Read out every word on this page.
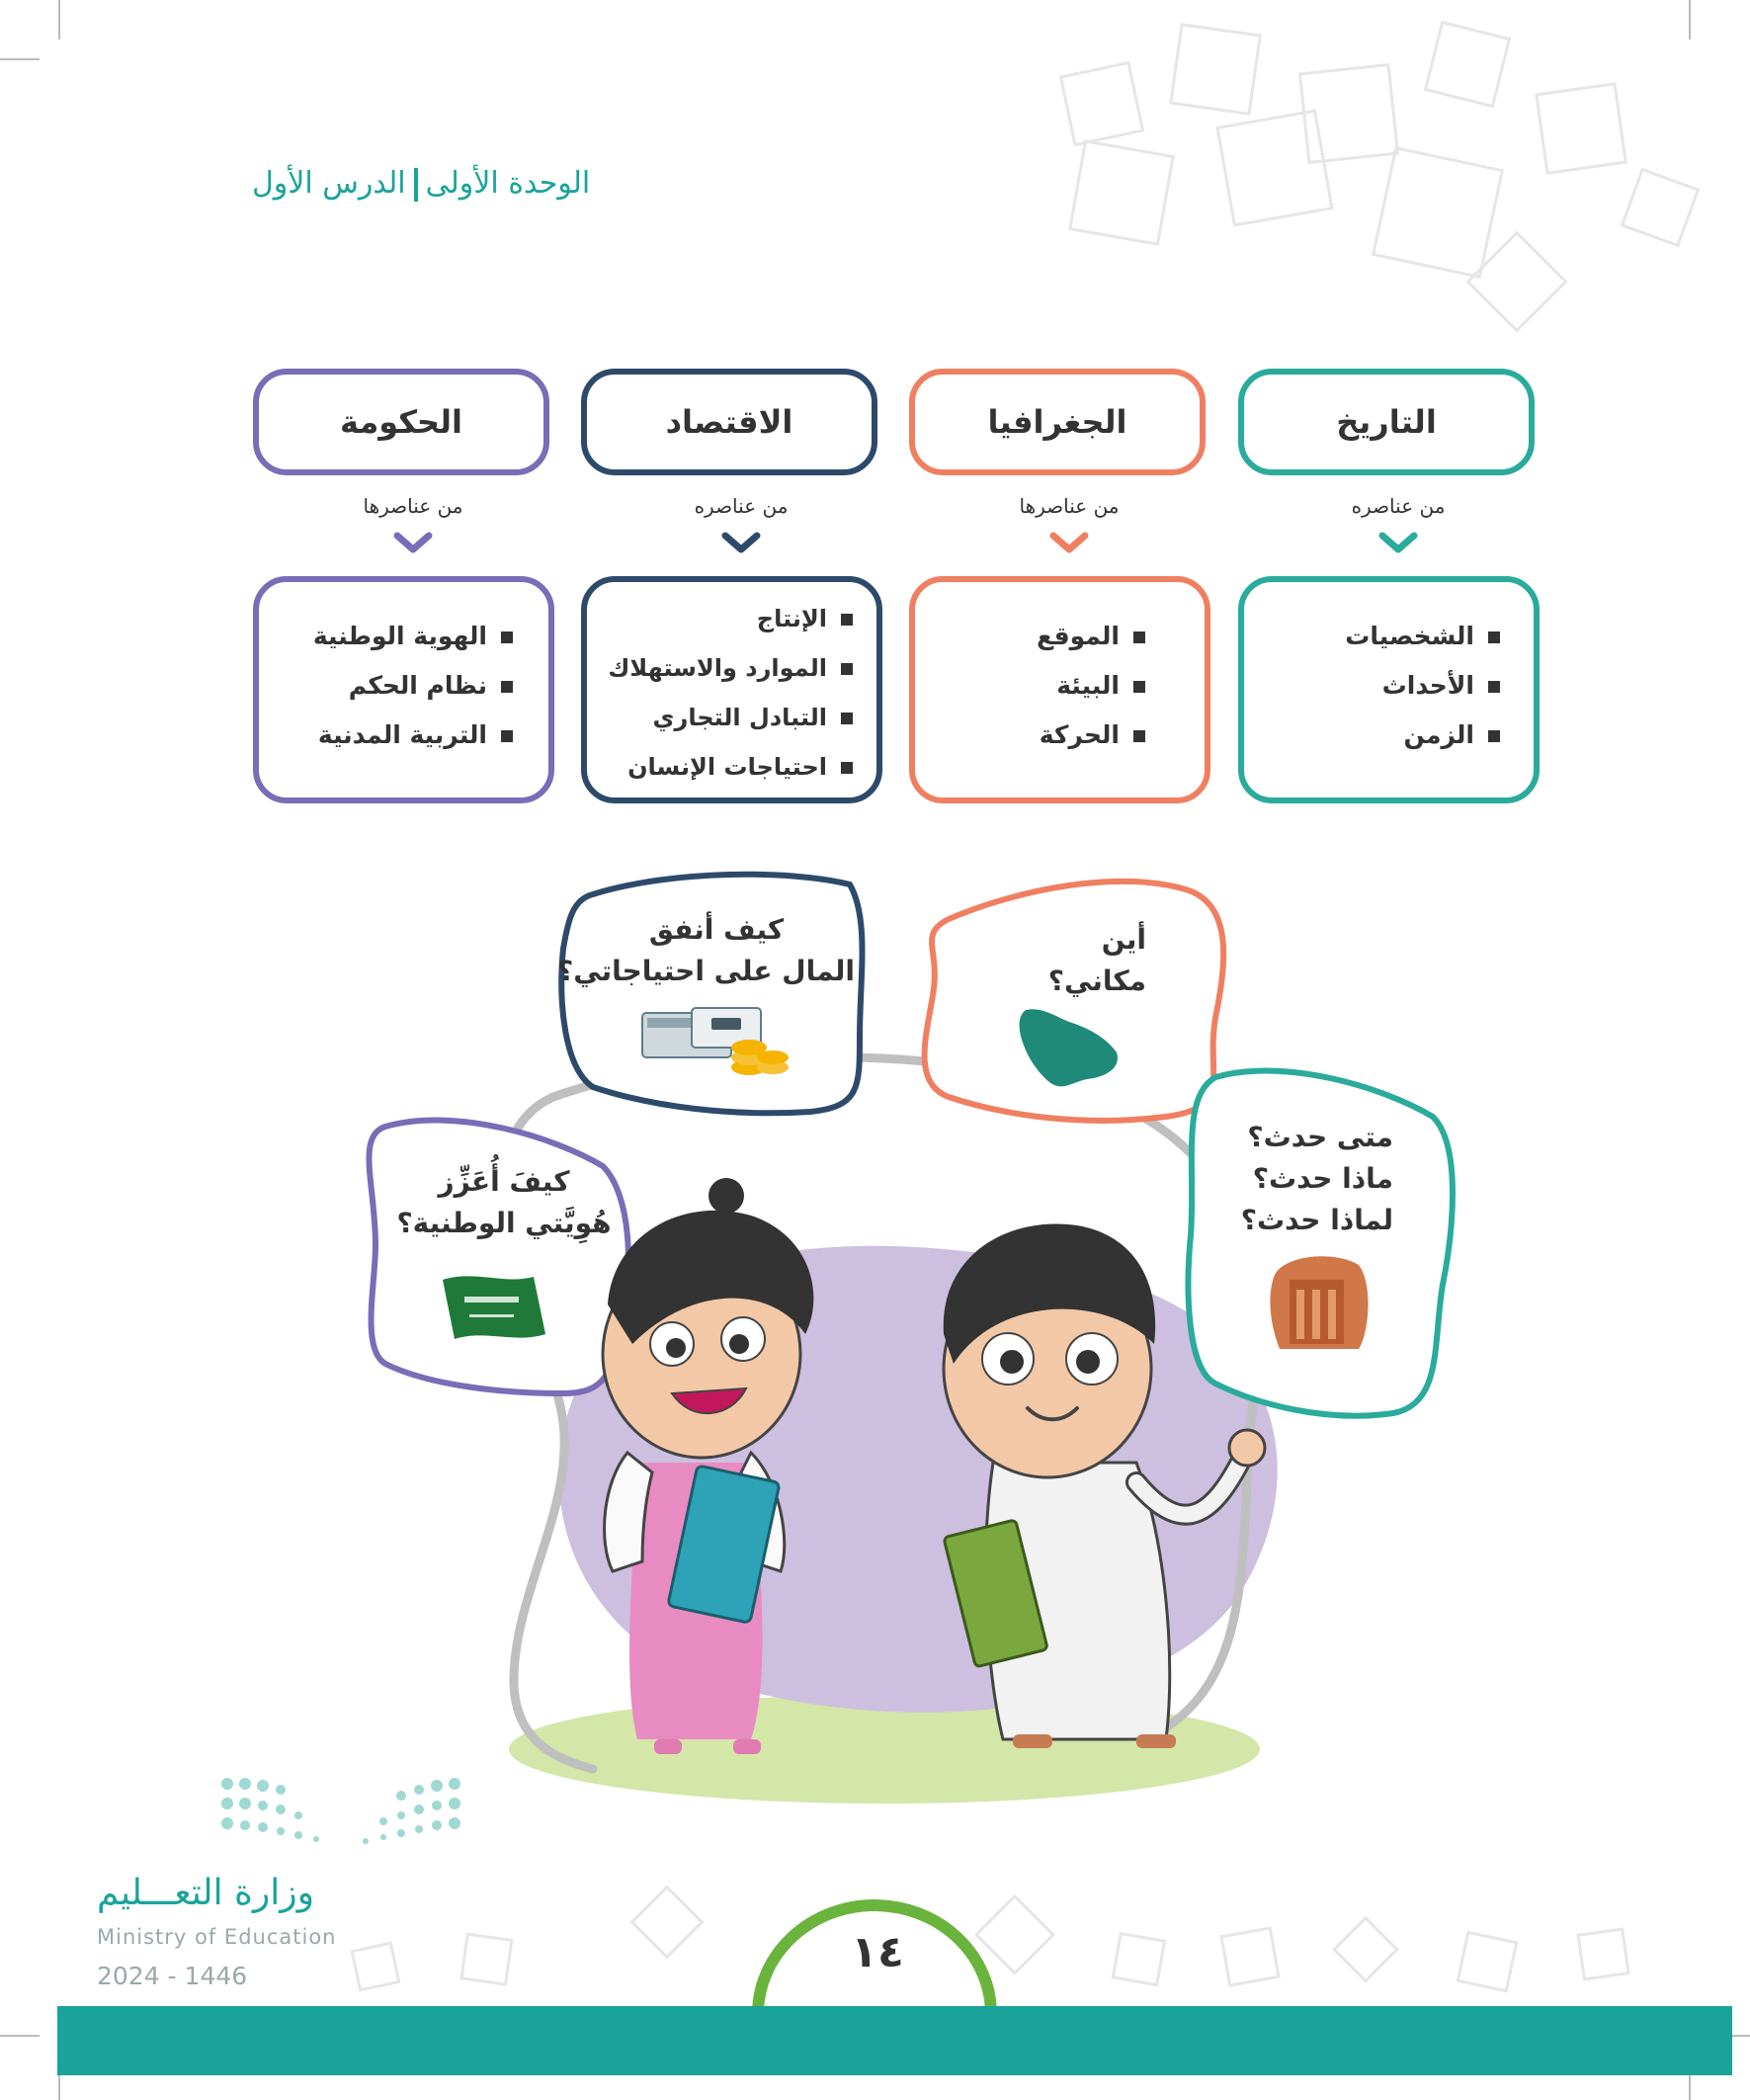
الوحدة الأولىالدرس الأول
التاريخ
الجغرافيا
الاقتصاد
الحكومة
من عناصره
من عناصرها
من عناصره
من عناصرها
الشخصيات
الأحداث
الزمن
الموقع
البيئة
الحركة
الإنتاج
الموارد والاستهلاك
التبادل التجاري
احتياجات الإنسان
الهوية الوطنية
نظام الحكم
التربية المدنية
أين
مكاني؟
كيف أنفق
المال على احتياجاتي؟
متى حدث؟
ماذا حدث؟
لماذا حدث؟
كيفَ أُعَزِّز
هُوِيَّتي الوطنية؟
وزارة التعـــليم
Ministry of Education
2024 - 1446	١٤
